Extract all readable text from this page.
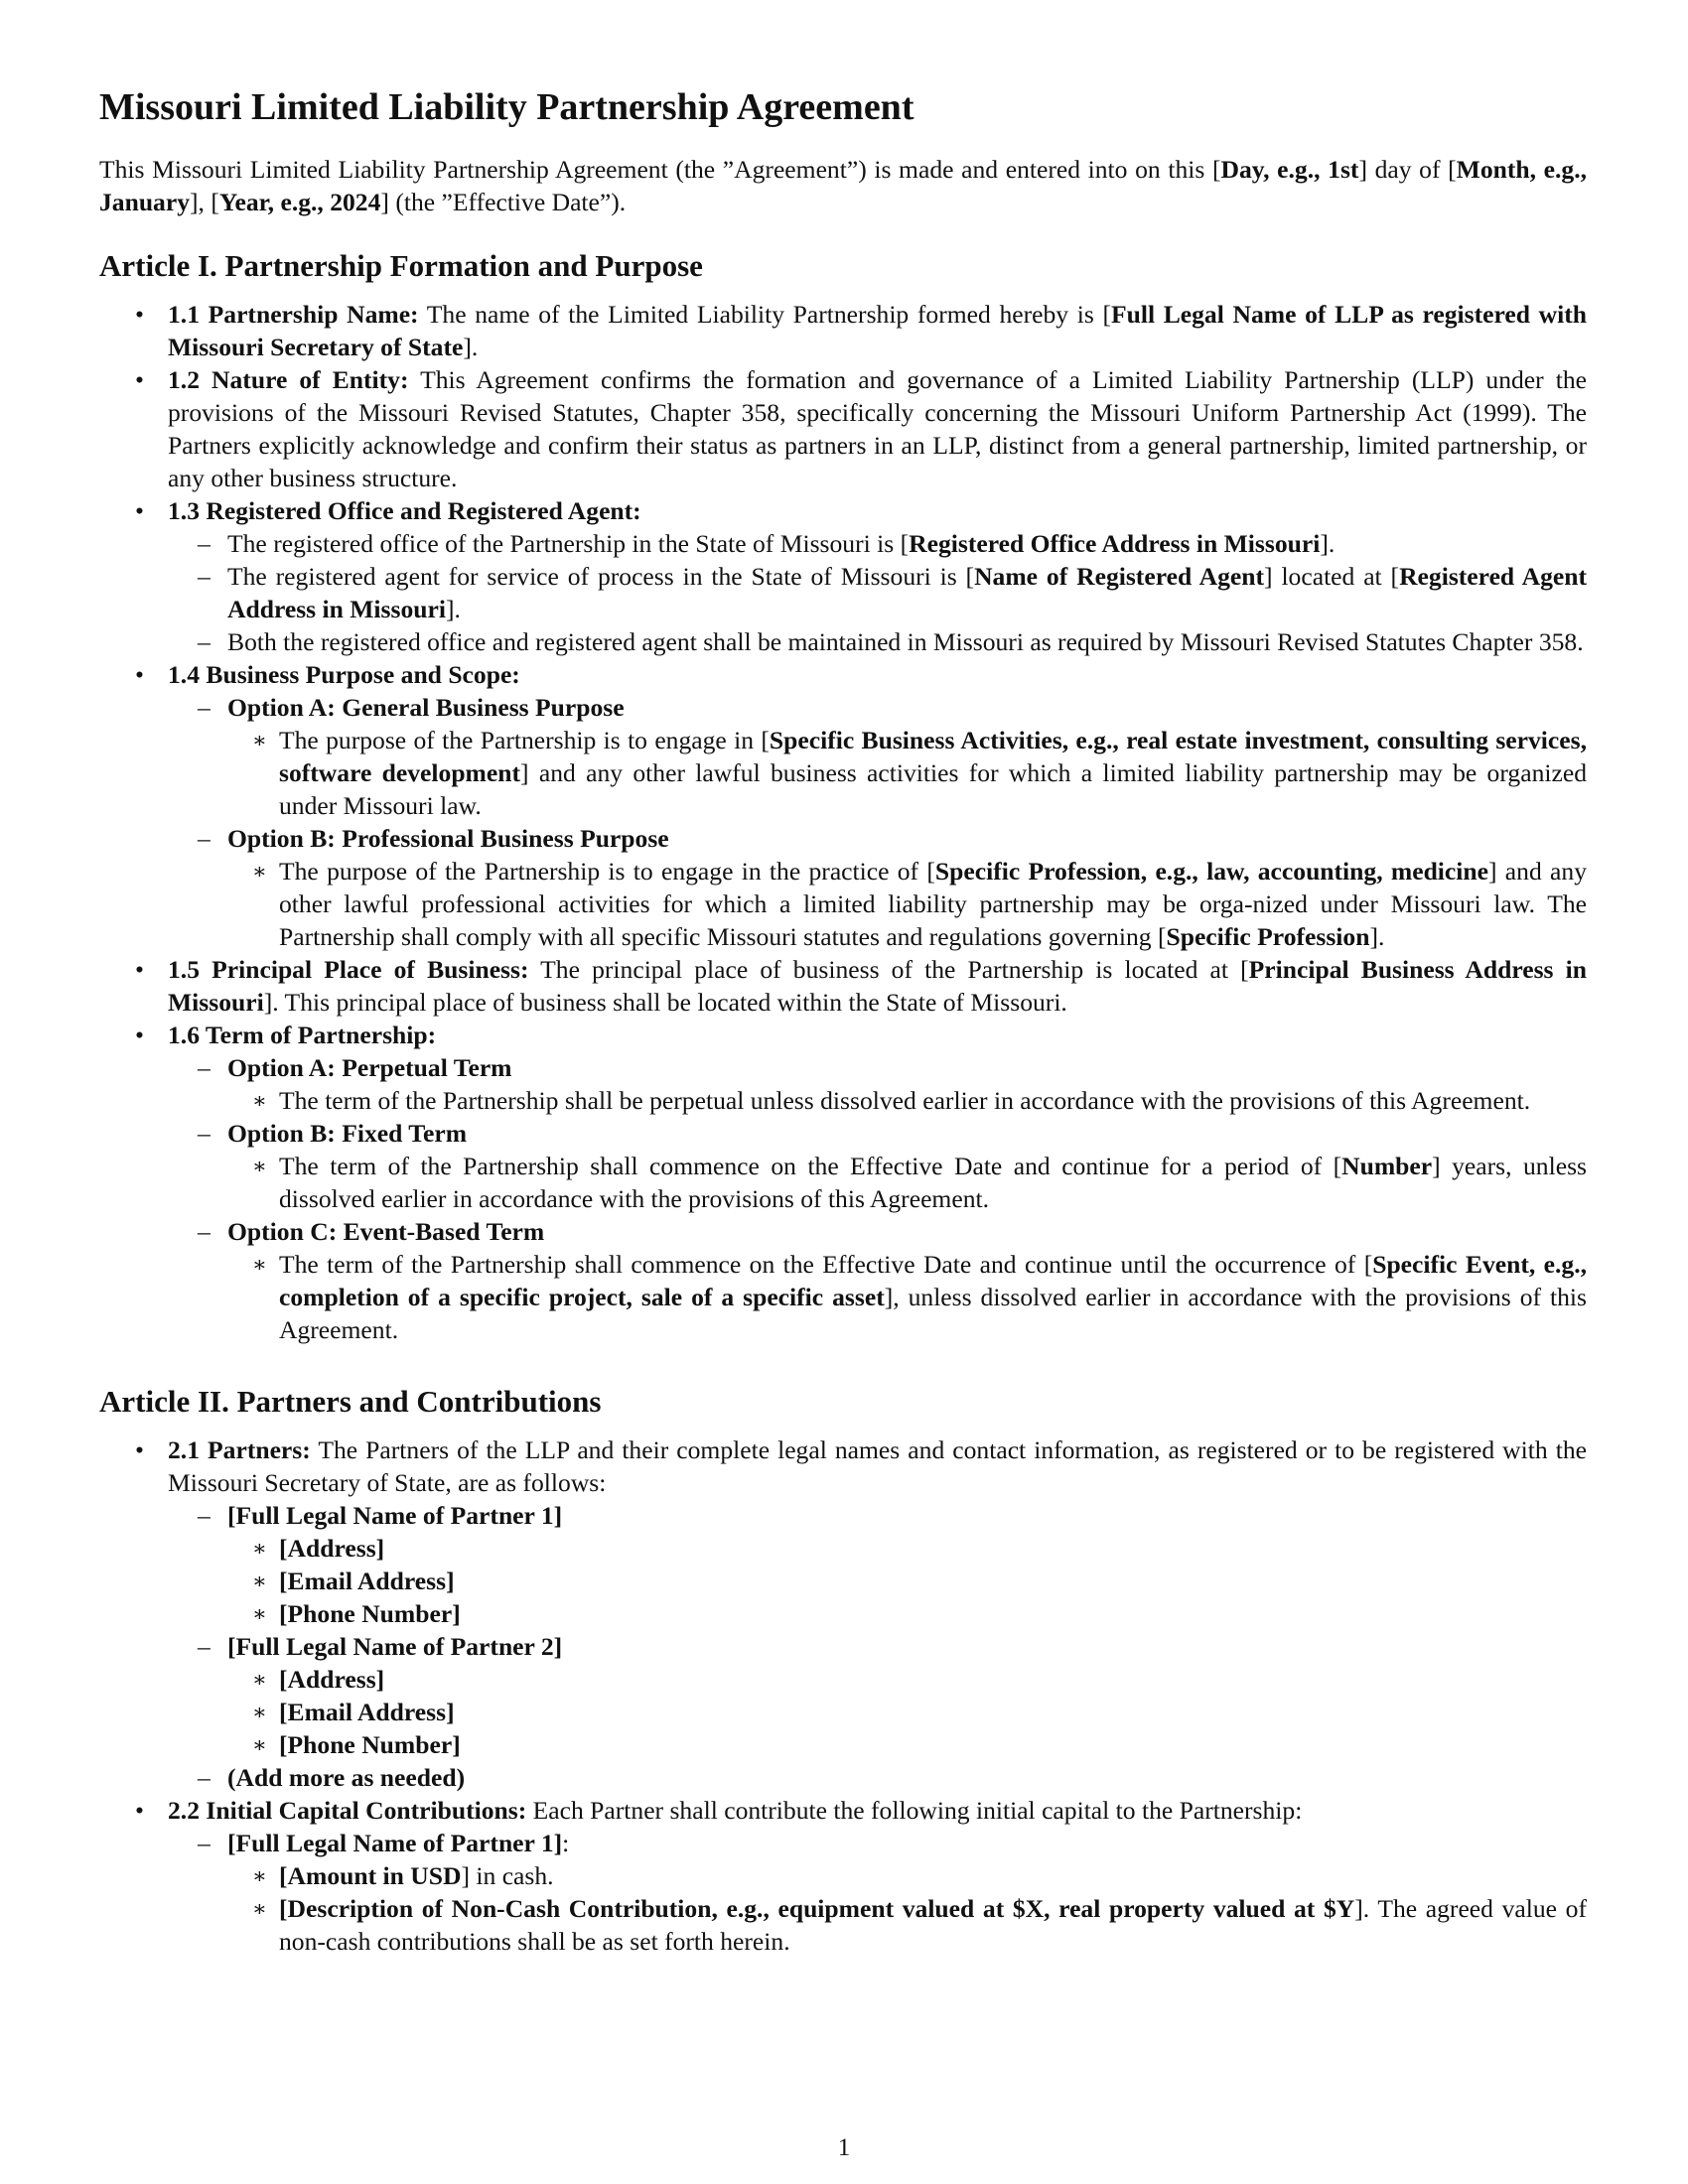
Missouri Limited Liability Partnership Agreement

This Missouri Limited Liability Partnership Agreement (the ”Agreement”) is made and entered into on this [Day, e.g., 1st] day of [Month, e.g., January], [Year, e.g., 2024] (the ”Effective Date”).

Article I. Partnership Formation and Purpose
• 1.1 Partnership Name: The name of the Limited Liability Partnership formed hereby is [Full Legal Name of LLP as registered with Missouri Secretary of State].
• 1.2 Nature of Entity: This Agreement confirms the formation and governance of a Limited Liability Partnership (LLP) under the provisions of the Missouri Revised Statutes, Chapter 358, specifically concerning the Missouri Uniform Partnership Act (1999). The Partners explicitly acknowledge and confirm their status as partners in an LLP, distinct from a general partnership, limited partnership, or any other business structure.
• 1.3 Registered Office and Registered Agent:
– The registered office of the Partnership in the State of Missouri is [Registered Office Address in Missouri].
– The registered agent for service of process in the State of Missouri is [Name of Registered Agent] located at [Registered Agent Address in Missouri].
– Both the registered office and registered agent shall be maintained in Missouri as required by Missouri Revised Statutes Chapter 358.
• 1.4 Business Purpose and Scope:
– Option A: General Business Purpose
∗ The purpose of the Partnership is to engage in [Specific Business Activities, e.g., real estate investment, consulting services, software development] and any other lawful business activities for which a limited liability partnership may be organized under Missouri law.
– Option B: Professional Business Purpose
∗ The purpose of the Partnership is to engage in the practice of [Specific Profession, e.g., law, accounting, medicine] and any other lawful professional activities for which a limited liability partnership may be orga-nized under Missouri law. The Partnership shall comply with all specific Missouri statutes and regulations governing [Specific Profession].
• 1.5 Principal Place of Business: The principal place of business of the Partnership is located at [Principal Business Address in Missouri]. This principal place of business shall be located within the State of Missouri.
• 1.6 Term of Partnership:
– Option A: Perpetual Term
∗ The term of the Partnership shall be perpetual unless dissolved earlier in accordance with the provisions of this Agreement.
– Option B: Fixed Term
∗ The term of the Partnership shall commence on the Effective Date and continue for a period of [Number] years, unless dissolved earlier in accordance with the provisions of this Agreement.
– Option C: Event-Based Term
∗ The term of the Partnership shall commence on the Effective Date and continue until the occurrence of [Specific Event, e.g., completion of a specific project, sale of a specific asset], unless dissolved earlier in accordance with the provisions of this Agreement.
Article II. Partners and Contributions
• 2.1 Partners: The Partners of the LLP and their complete legal names and contact information, as registered or to be registered with the Missouri Secretary of State, are as follows:
– [Full Legal Name of Partner 1]
∗ [Address]
∗ [Email Address]
∗ [Phone Number]
– [Full Legal Name of Partner 2]
∗ [Address]
∗ [Email Address]
∗ [Phone Number]
– (Add more as needed)
• 2.2 Initial Capital Contributions: Each Partner shall contribute the following initial capital to the Partnership:
– [Full Legal Name of Partner 1]:
∗ [Amount in USD] in cash.
∗ [Description of Non-Cash Contribution, e.g., equipment valued at $X, real property valued at $Y]. The agreed value of non-cash contributions shall be as set forth herein.
1
